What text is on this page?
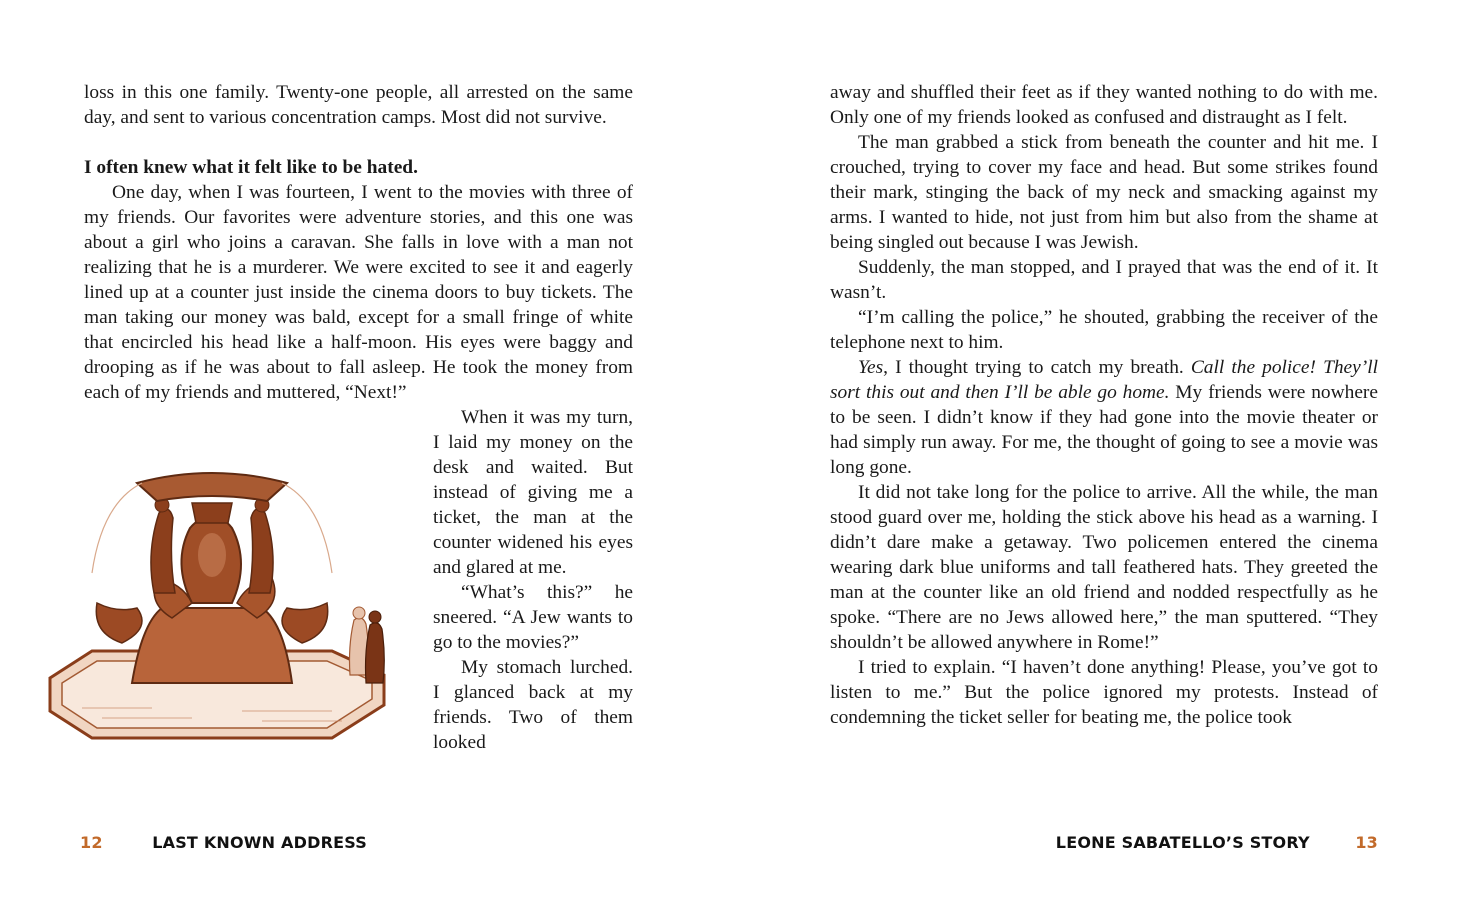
loss in this one family. Twenty-one people, all arrested on the same day, and sent to various concentration camps. Most did not survive.

I often knew what it felt like to be hated.

One day, when I was fourteen, I went to the movies with three of my friends. Our favorites were adventure stories, and this one was about a girl who joins a caravan. She falls in love with a man not realizing that he is a murderer. We were excited to see it and eagerly lined up at a counter just inside the cinema doors to buy tickets. The man taking our money was bald, except for a small fringe of white that encircled his head like a half-moon. His eyes were baggy and drooping as if he was about to fall asleep. He took the money from each of my friends and muttered, “Next!”

When it was my turn, I laid my money on the desk and waited. But instead of giving me a ticket, the man at the counter widened his eyes and glared at me.

“What’s this?” he sneered. “A Jew wants to go to the movies?”

My stomach lurched. I glanced back at my friends. Two of them looked

away and shuffled their feet as if they wanted nothing to do with me. Only one of my friends looked as confused and distraught as I felt.

The man grabbed a stick from beneath the counter and hit me. I crouched, trying to cover my face and head. But some strikes found their mark, stinging the back of my neck and smacking against my arms. I wanted to hide, not just from him but also from the shame at being singled out because I was Jewish.

Suddenly, the man stopped, and I prayed that was the end of it. It wasn’t.

“I’m calling the police,” he shouted, grabbing the receiver of the telephone next to him.

Yes, I thought trying to catch my breath. Call the police! They’ll sort this out and then I’ll be able go home. My friends were nowhere to be seen. I didn’t know if they had gone into the movie theater or had simply run away. For me, the thought of going to see a movie was long gone.

It did not take long for the police to arrive. All the while, the man stood guard over me, holding the stick above his head as a warning. I didn’t dare make a getaway. Two policemen entered the cinema wearing dark blue uniforms and tall feathered hats. They greeted the man at the counter like an old friend and nodded respectfully as he spoke. “There are no Jews allowed here,” the man sputtered. “They shouldn’t be allowed anywhere in Rome!”

I tried to explain. “I haven’t done anything! Please, you’ve got to listen to me.” But the police ignored my protests. Instead of condemning the ticket seller for beating me, the police took

12	LAST KNOWN ADDRESS	LEONE SABATELLO’S STORY	13
